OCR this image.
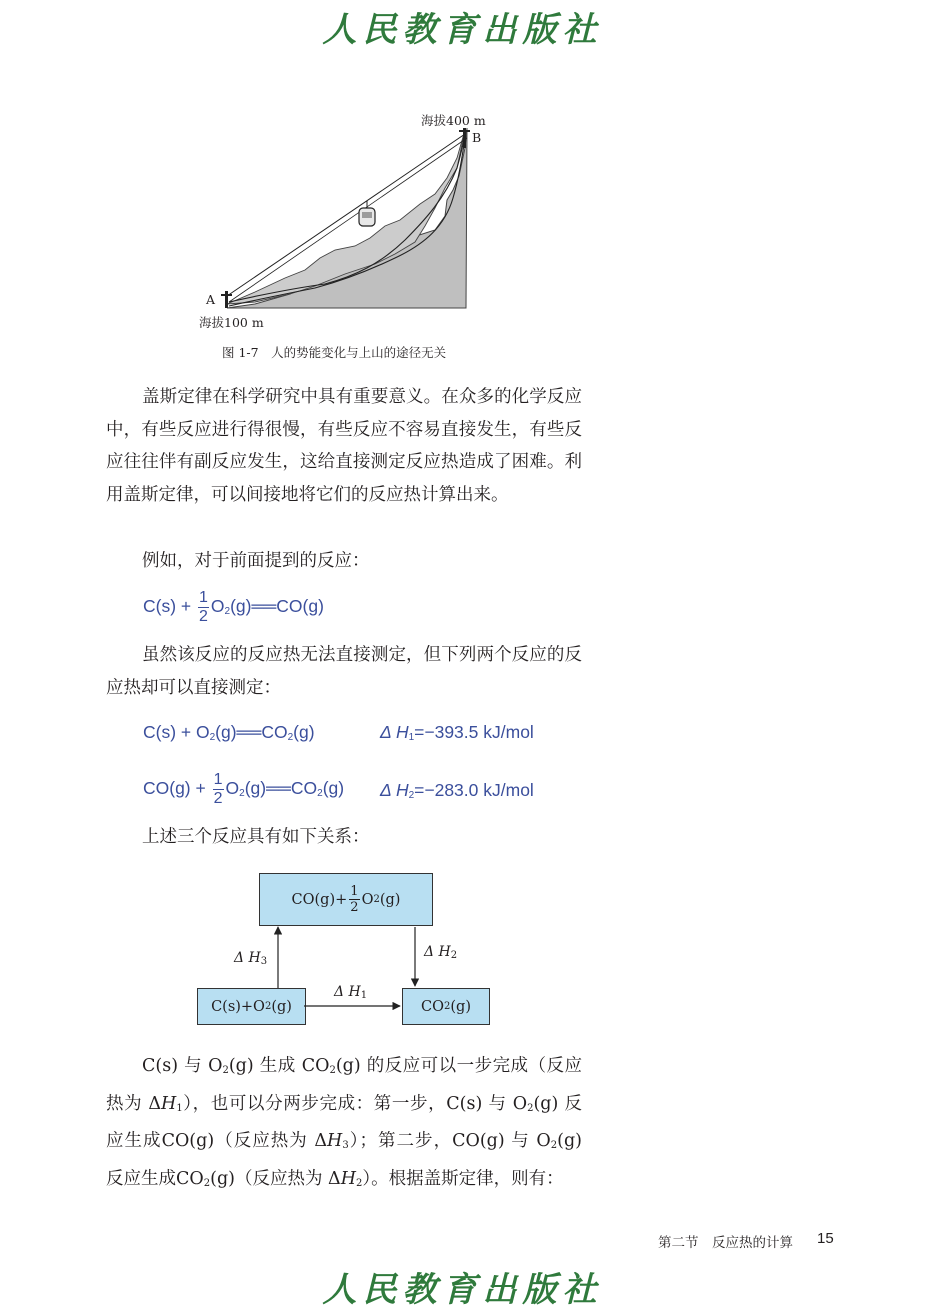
人民教育出版社
海拔400 m
B
A
海拔100 m
图 1-7　人的势能变化与上山的途径无关
盖斯定律在科学研究中具有重要意义。在众多的化学反应中，有些反应进行得很慢，有些反应不容易直接发生，有些反应往往伴有副反应发生，这给直接测定反应热造成了困难。利用盖斯定律，可以间接地将它们的反应热计算出来。
例如，对于前面提到的反应：
$C(s) + \frac{1}{2}$ $O_2(g)══CO(g)$
虽然该反应的反应热无法直接测定，但下列两个反应的反应热却可以直接测定：
$C(s) + O_2(g)══CO_2(g)$	Δ $H_1=-393.5$ kJ/mol
$CO(g) + \frac{1}{2}$ $O_2(g)══CO_2(g)$ Δ $H_2=-283.0$ kJ/mol
上述三个反应具有如下关系：
$CO(g)+ \frac{1}{2}$ O 2 (g)
C(s)+O 2 (g)	CO 2 (g)
Δ $H_3$
Δ $H_2$
Δ $H_1$
C(s) 与 $O_2(g)$ 生成 $CO_2(g)$ 的反应可以一步完成（反应热为 $\Delta H_1$），也可以分两步完成：第一步，C(s) 与 $O_2(g)$ 反应生成CO(g)（反应热为 $\Delta H_3$）；第二步，CO(g) 与 $O_2(g)$ 反应生成$CO_2(g)$（反应热为 $\Delta H_2$）。根据盖斯定律，则有：
第二节　反应热的计算 15
人民教育出版社
